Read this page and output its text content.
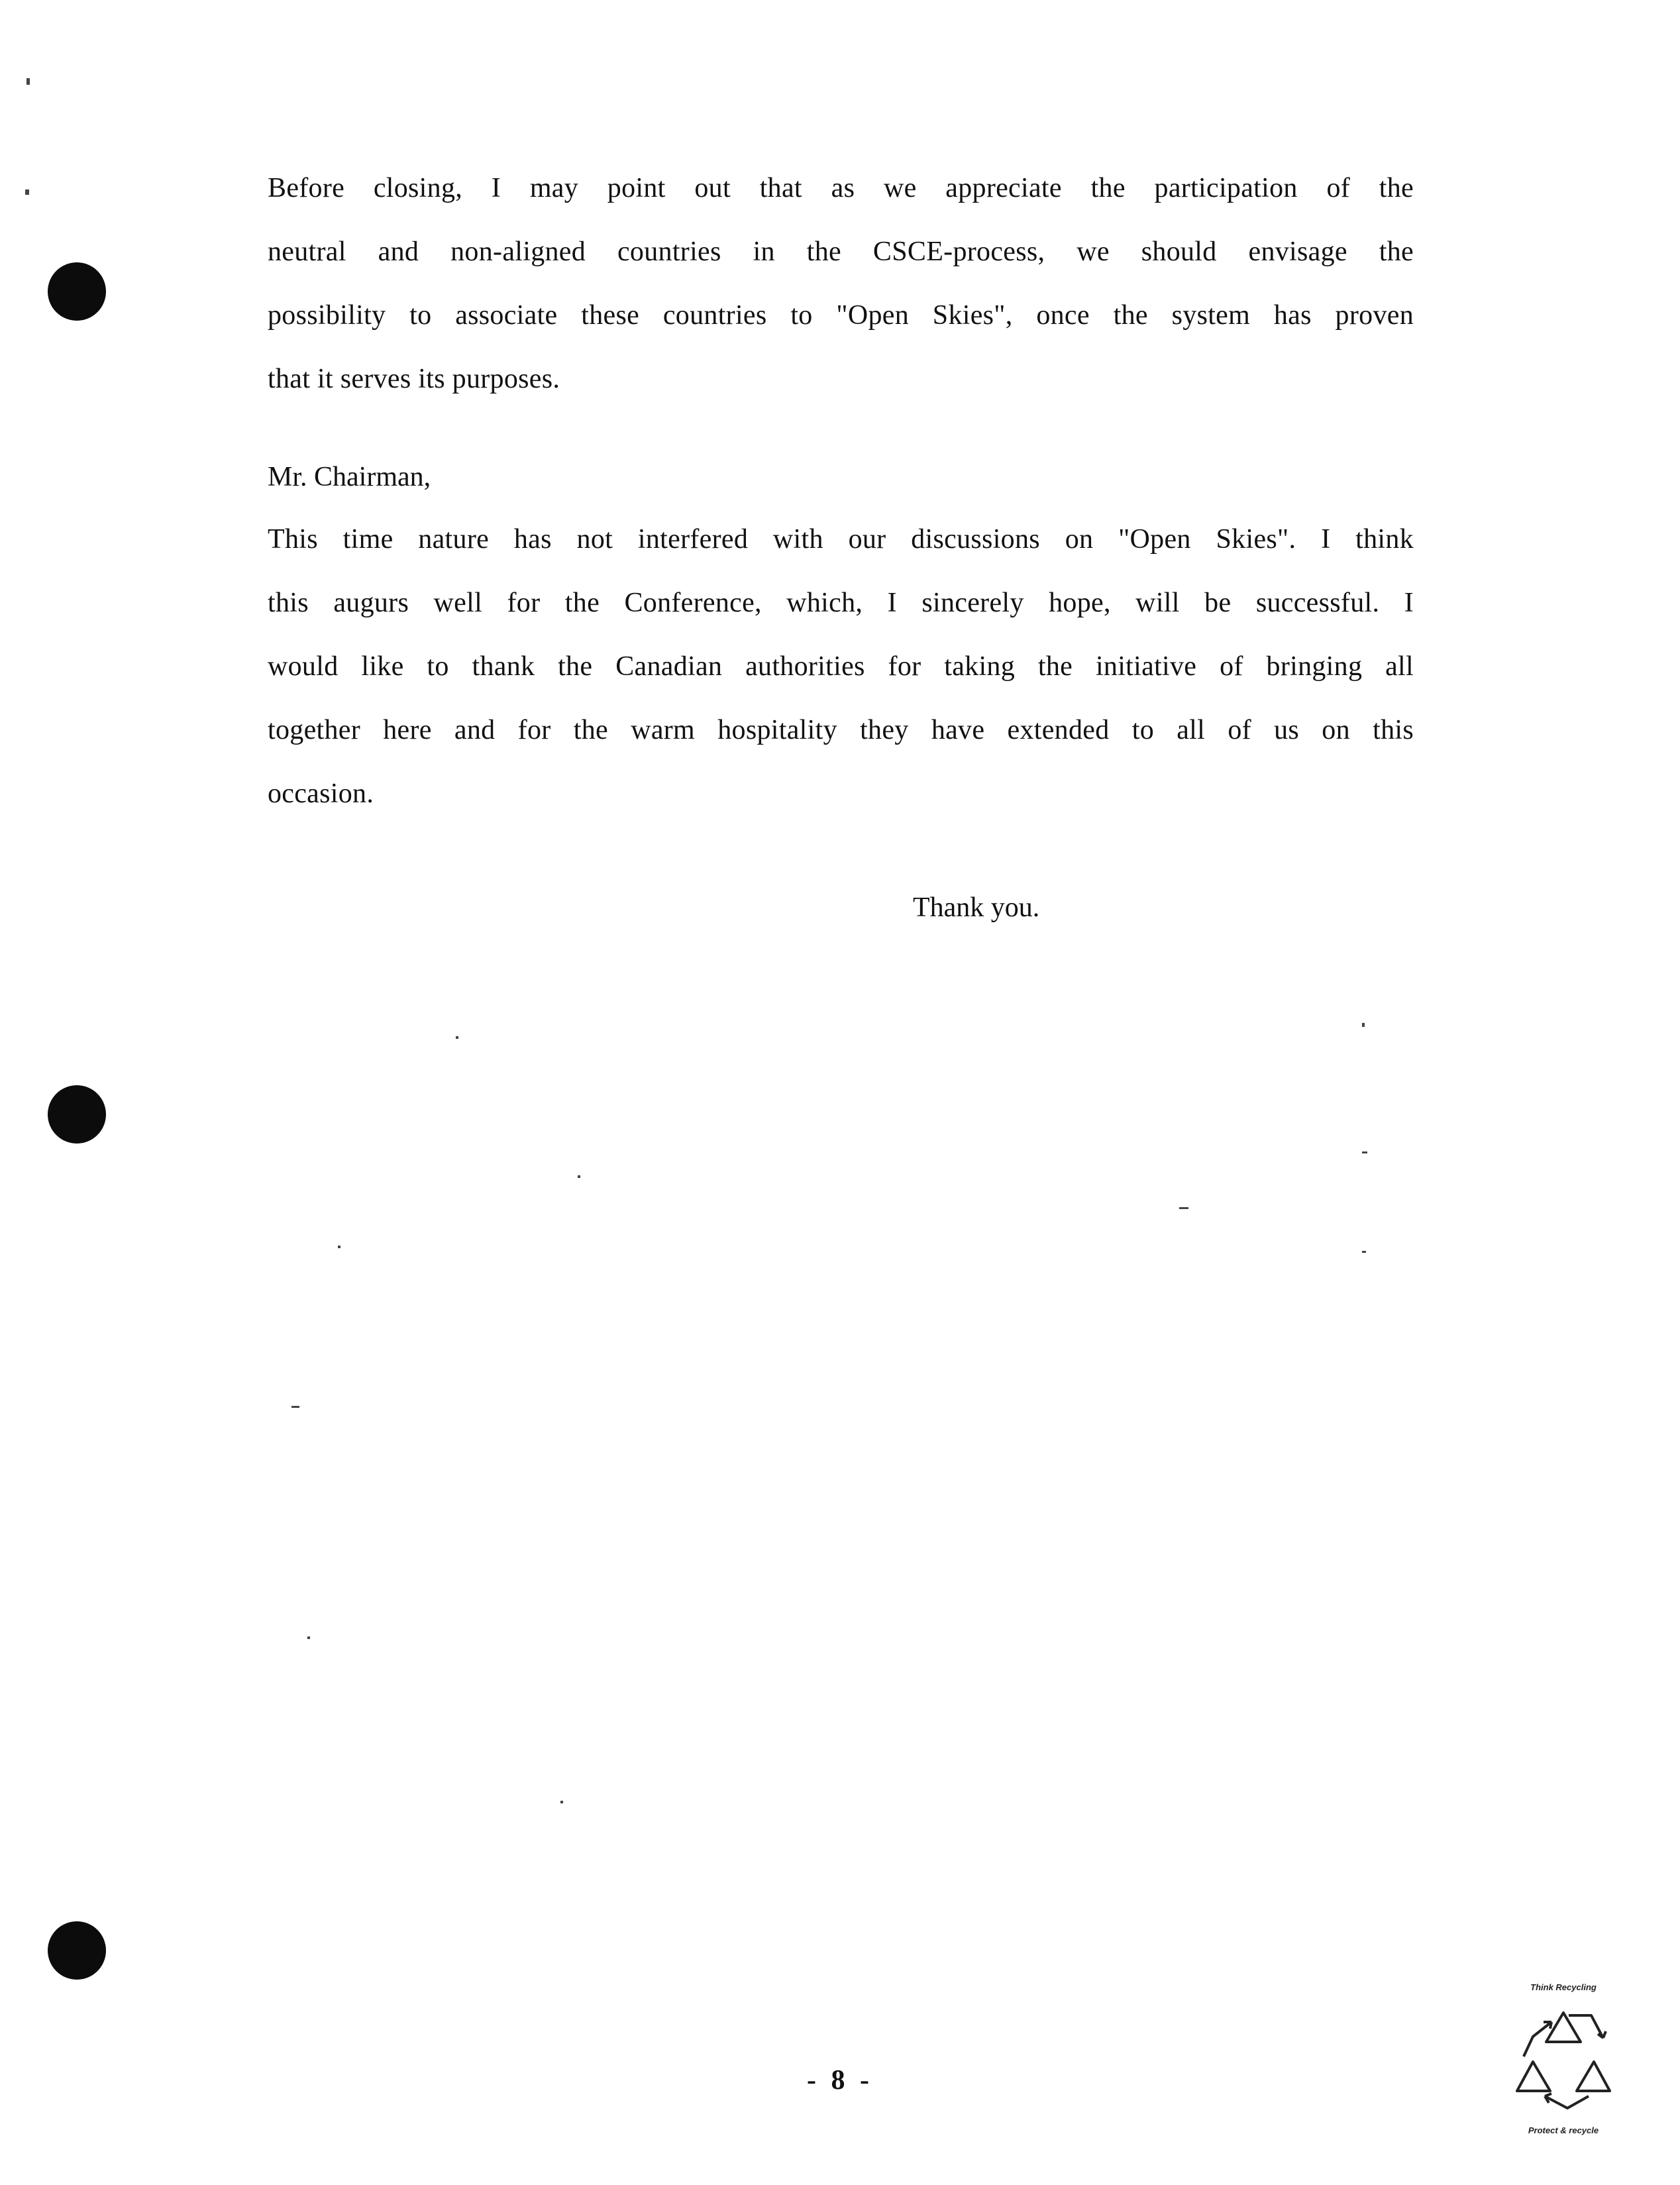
Before closing, I may point out that as we appreciate the participation of the
neutral and non-aligned countries in the CSCE-process, we should envisage the
possibility to associate these countries to "Open Skies", once the system has proven
that it serves its purposes.

Mr. Chairman,

This time nature has not interfered with our discussions on "Open Skies". I think
this augurs well for the Conference, which, I sincerely hope, will be successful. I
would like to thank the Canadian authorities for taking the initiative of bringing all
together here and for the warm hospitality they have extended to all of us on this
occasion.

Thank you.

- 8 -
Think Recycling
Protect & recycle
